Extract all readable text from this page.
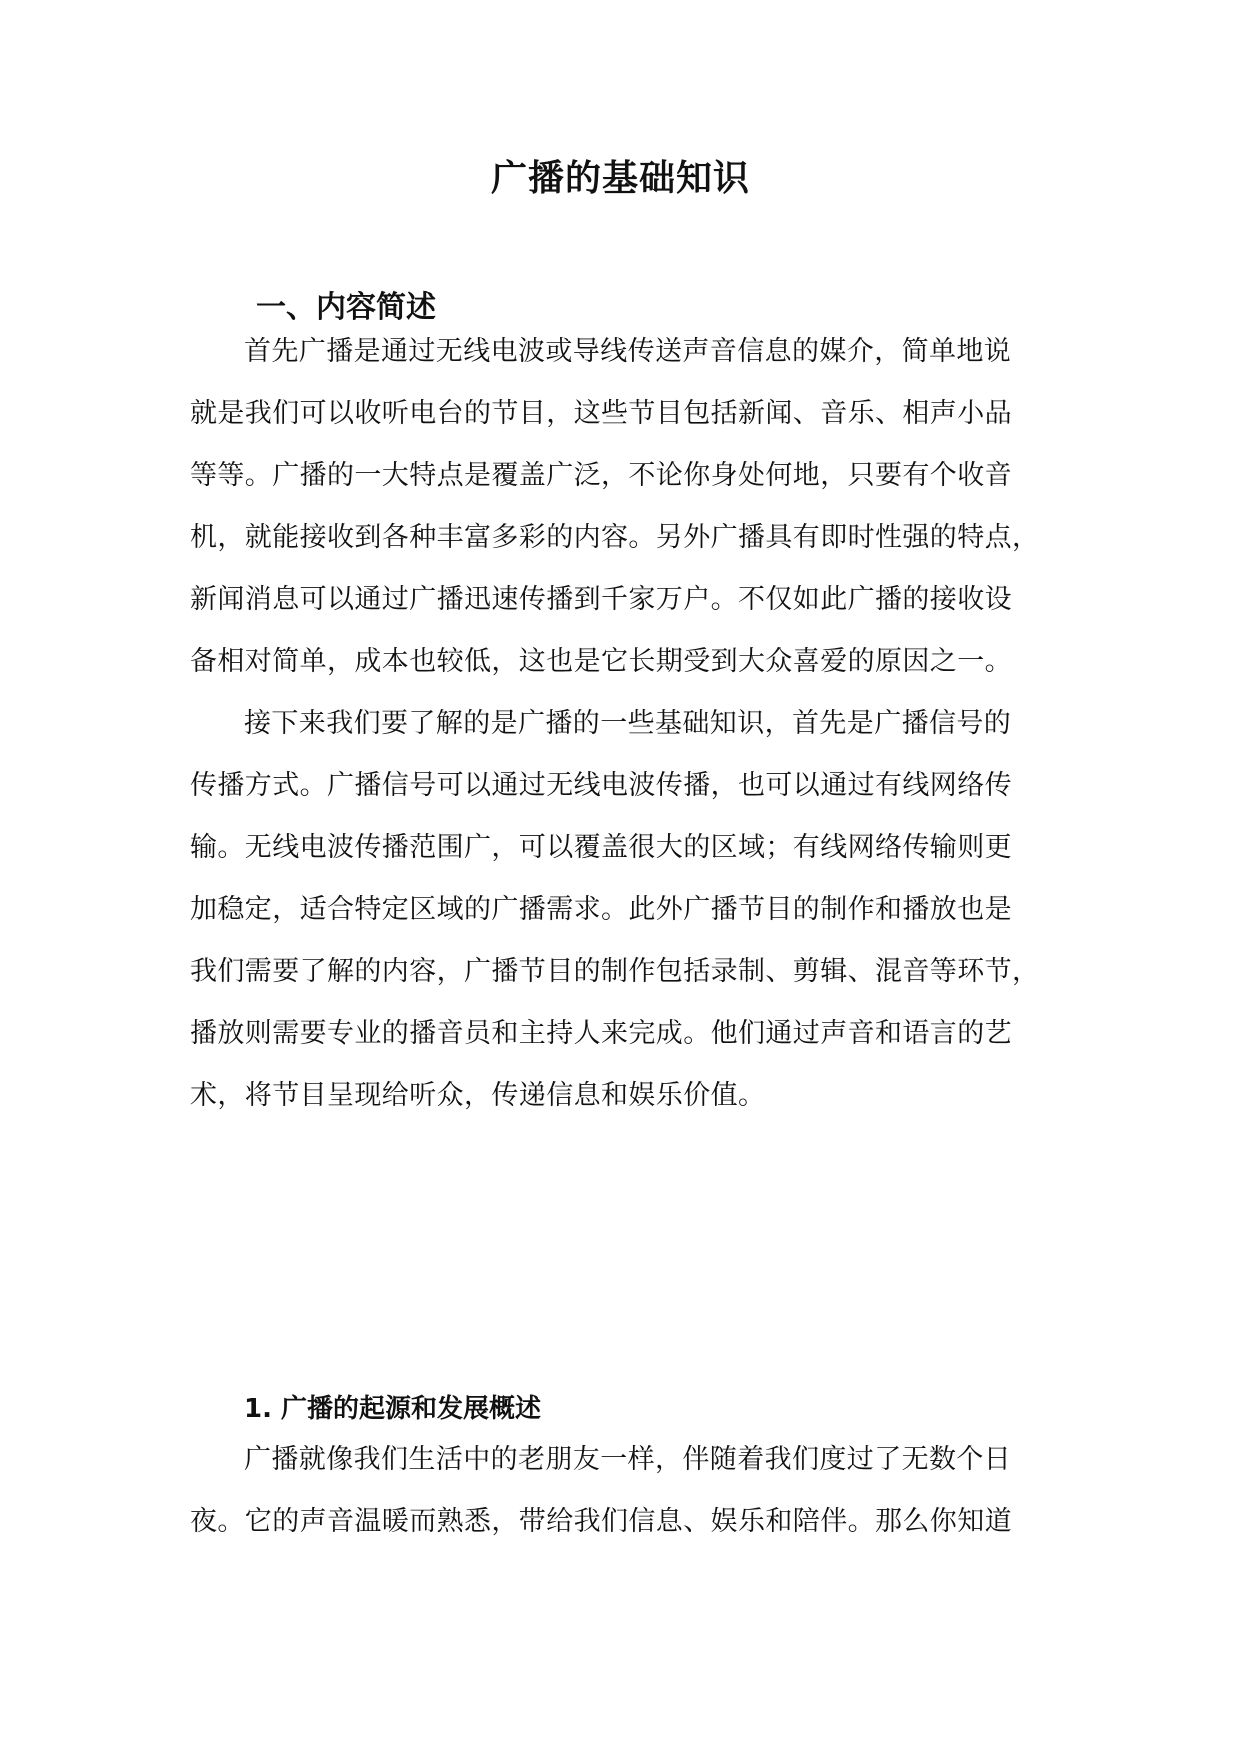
广播的基础知识
一、内容简述
首先广播是通过无线电波或导线传送声音信息的媒介，简单地说
就是我们可以收听电台的节目，这些节目包括新闻、音乐、相声小品
等等。广播的一大特点是覆盖广泛，不论你身处何地，只要有个收音
机，就能接收到各种丰富多彩的内容。另外广播具有即时性强的特点，
新闻消息可以通过广播迅速传播到千家万户。不仅如此广播的接收设
备相对简单，成本也较低，这也是它长期受到大众喜爱的原因之一。
接下来我们要了解的是广播的一些基础知识，首先是广播信号的
传播方式。广播信号可以通过无线电波传播，也可以通过有线网络传
输。无线电波传播范围广，可以覆盖很大的区域；有线网络传输则更
加稳定，适合特定区域的广播需求。此外广播节目的制作和播放也是
我们需要了解的内容，广播节目的制作包括录制、剪辑、混音等环节，
播放则需要专业的播音员和主持人来完成。他们通过声音和语言的艺
术，将节目呈现给听众，传递信息和娱乐价值。
1. 广播的起源和发展概述
广播就像我们生活中的老朋友一样，伴随着我们度过了无数个日
夜。它的声音温暖而熟悉，带给我们信息、娱乐和陪伴。那么你知道
